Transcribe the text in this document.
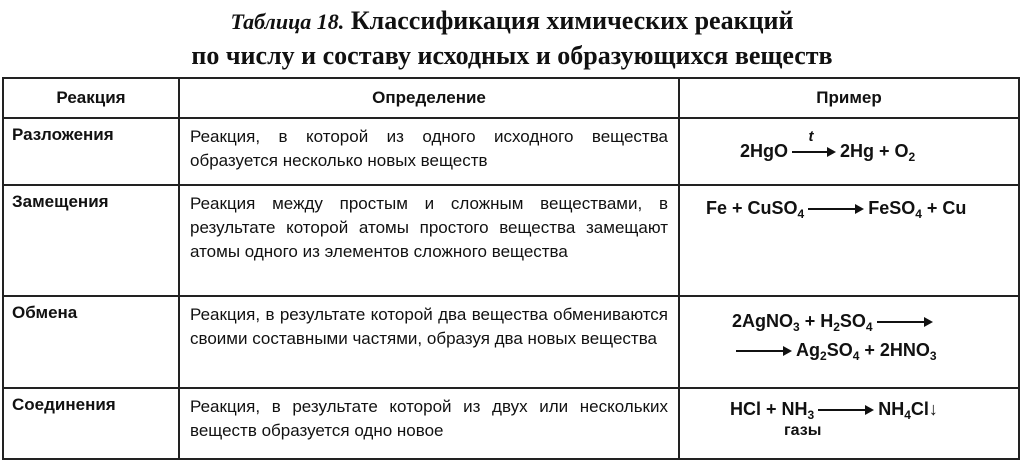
Таблица 18. Классификация химических реакций
по числу и составу исходных и образующихся веществ
Реакция	Определение	Пример
Разложения	Реакция, в которой из одного исходного вещества образуется несколько новых веществ	2HgO
t
$2Hg + O_2$

Замещения	Реакция между простым и сложным веществами, в результате которой атомы простого вещества замещают атомы одного из элементов сложного вещества	Fe + CuSO$_4$ FeSO$_4$ + Cu

Обмена	Реакция, в результате которой два вещества обмениваются своими составными частями, образуя два новых вещества	2AgNO$_3$ + $H_2SO_4$
$Ag_2SO_4 + 2HNO_3$

Соединения	Реакция, в результате которой из двух или нескольких веществ образуется одно новое	HCl + $NH_3$ $NH_4Cl↓$
газы
